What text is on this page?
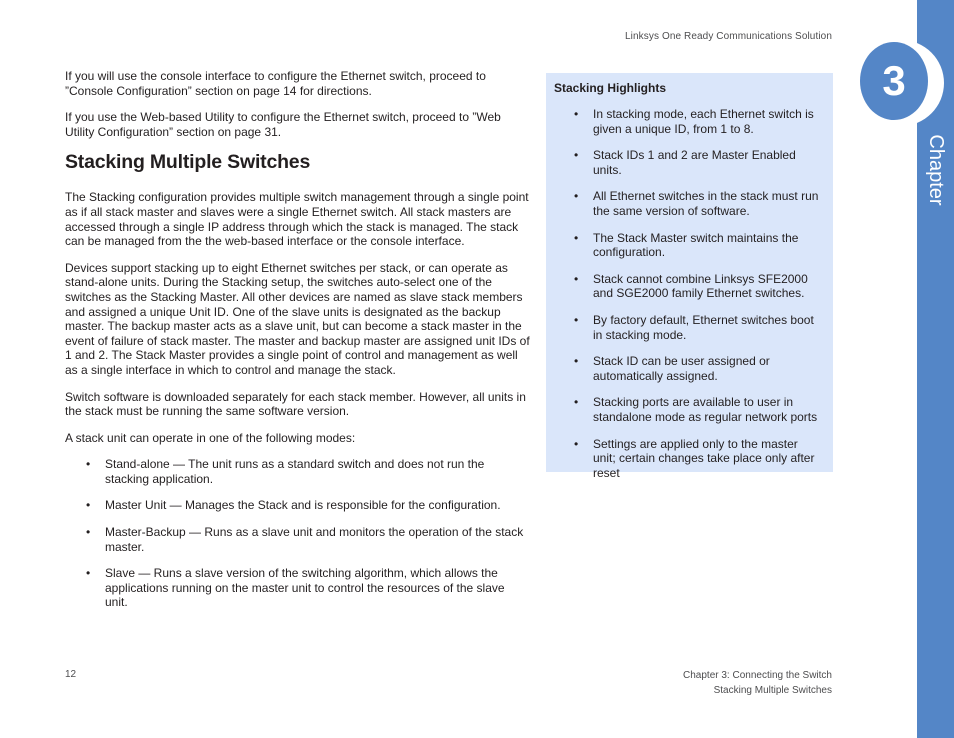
Linksys One Ready Communications Solution

If you will use the console interface to configure the Ethernet switch, proceed to ”Console Configuration” section on page 14 for directions.

If you use the Web-based Utility to configure the Ethernet switch, proceed to ”Web Utility Configuration” section on page 31.

Stacking Multiple Switches

The Stacking configuration provides multiple switch management through a single point as if all stack master and slaves were a single Ethernet switch. All stack masters are accessed through a single IP address through which the stack is managed. The stack can be managed from the the web-based interface or the console interface.

Devices support stacking up to eight Ethernet switches per stack, or can operate as stand-alone units. During the Stacking setup, the switches auto-select one of the switches as the Stacking Master. All other devices are named as slave stack members and assigned a unique Unit ID. One of the slave units is designated as the backup master. The backup master acts as a slave unit, but can become a stack master in the event of failure of stack master. The master and backup master are assigned unit IDs of 1 and 2. The Stack Master provides a single point of control and management as well as a single interface in which to control and manage the stack.

Switch software is downloaded separately for each stack member. However, all units in the stack must be running the same software version.

A stack unit can operate in one of the following modes:

• Stand-alone — The unit runs as a standard switch and does not run the stacking application.
• Master Unit — Manages the Stack and is responsible for the configuration.
• Master-Backup — Runs as a slave unit and monitors the operation of the stack master.
• Slave — Runs a slave version of the switching algorithm, which allows the applications running on the master unit to control the resources of the slave unit.
Stacking Highlights
• In stacking mode, each Ethernet switch is given a unique ID, from 1 to 8.
• Stack IDs 1 and 2 are Master Enabled units.
• All Ethernet switches in the stack must run the same version of software.
• The Stack Master switch maintains the configuration.
• Stack cannot combine Linksys SFE2000 and SGE2000 family Ethernet switches.
• By factory default, Ethernet switches boot in stacking mode.
• Stack ID can be user assigned or automatically assigned.
• Stacking ports are available to user in standalone mode as regular network ports
• Settings are applied only to the master unit; certain changes take place only after reset
3
Chapter
12	Chapter 3: Connecting the Switch
Stacking Multiple Switches
